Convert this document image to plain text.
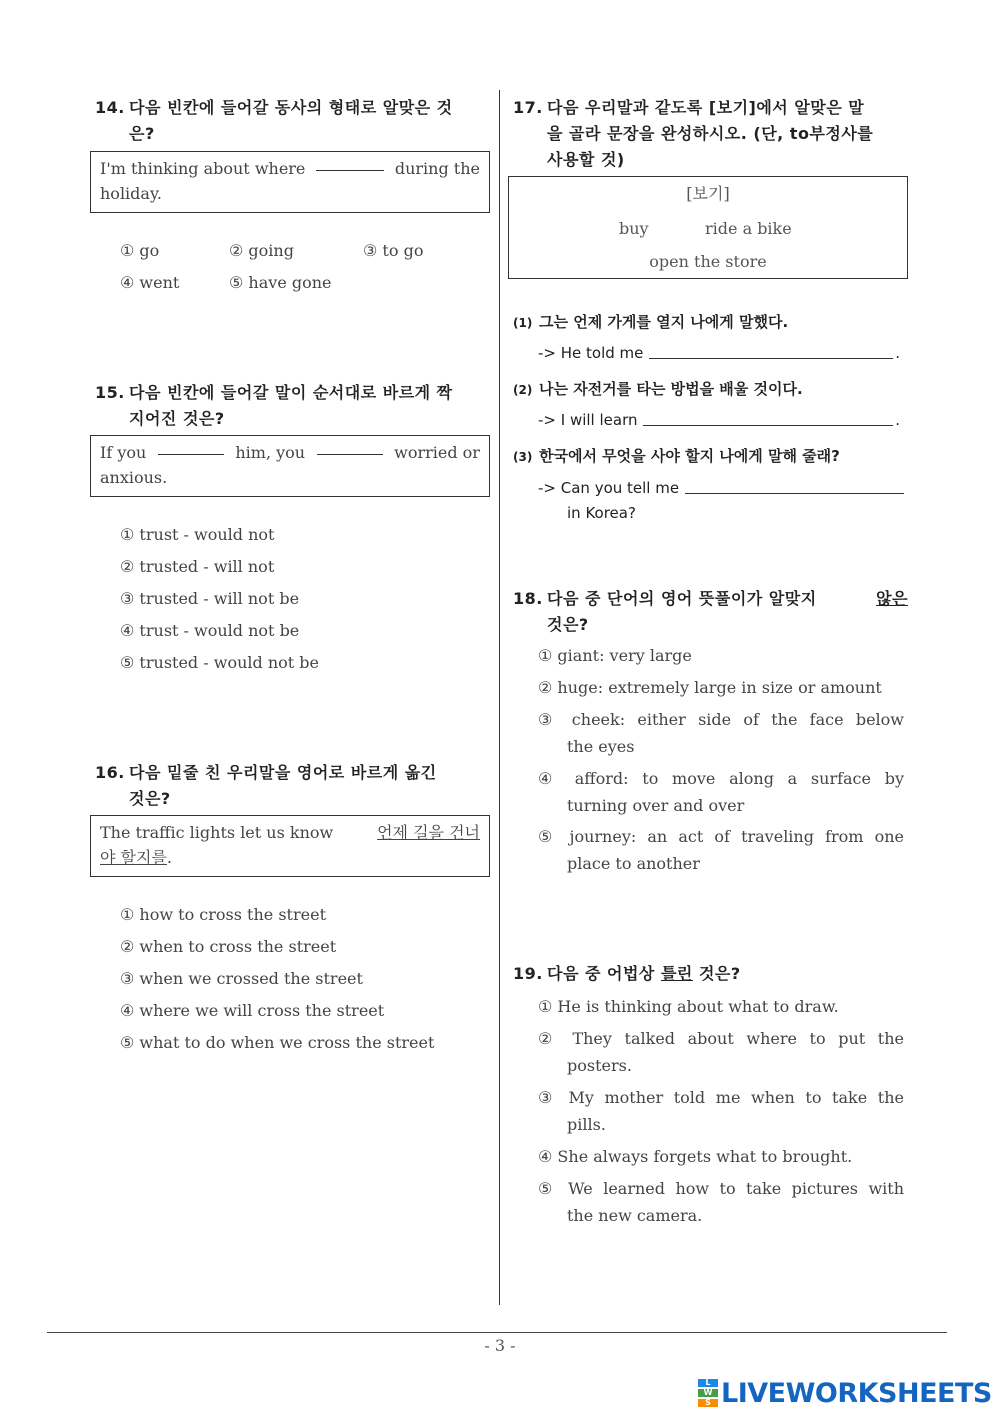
14. 다음 빈칸에 들어갈 동사의 형태로 알맞은 것
은?
I'm thinking about where	during the
holiday.
① go	② going	③ to go
④ went	⑤ have gone
15. 다음 빈칸에 들어갈 말이 순서대로 바르게 짝
지어진 것은?
If you	him, you	worried or
anxious.
① trust - would not
② trusted - will not
③ trusted - will not be
④ trust - would not be
⑤ trusted - would not be
16. 다음 밑줄 친 우리말을 영어로 바르게 옮긴
것은?
The traffic lights let us know	언제 길을 건너
야 할지를.
① how to cross the street
② when to cross the street
③ when we crossed the street
④ where we will cross the street
⑤ what to do when we cross the street
17. 다음 우리말과 같도록 [보기]에서 알맞은 말
을 골라 문장을 완성하시오. (단, to부정사를
사용할 것)
[보기]
buy	ride a bike
open the store
(1) 그는 언제 가게를 열지 나에게 말했다.
-> He told me	.
(2) 나는 자전거를 타는 방법을 배울 것이다.
-> I will learn	.
(3) 한국에서 무엇을 사야 할지 나에게 말해 줄래?
-> Can you tell me
in Korea?
18. 다음 중 단어의 영어 뜻풀이가 알맞지	않은
것은?
① giant: very large
② huge: extremely large in size or amount
③ cheek: either side of the face below
the eyes
④ afford: to move along a surface by
turning over and over
⑤ journey: an act of traveling from one
place to another
19. 다음 중 어법상 틀린 것은?
① He is thinking about what to draw.
② They talked about where to put the
posters.
③ My mother told me when to take the
pills.
④ She always forgets what to brought.
⑤ We learned how to take pictures with
the new camera.
- 3 -
L
W
S LIVEWORKSHEETS
